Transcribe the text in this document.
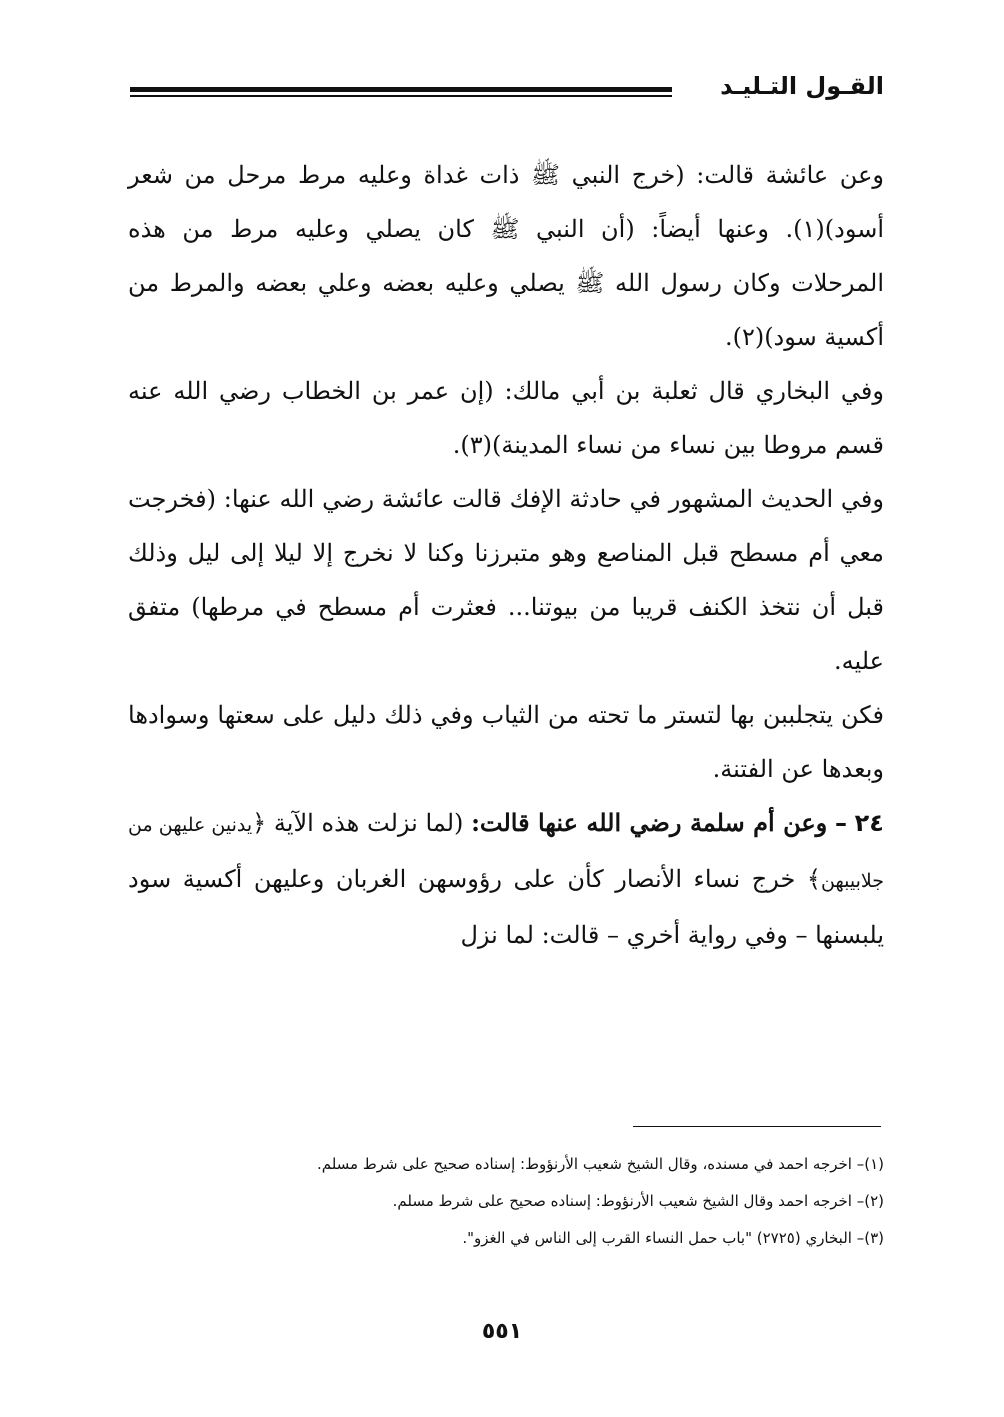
القـول التـليـد

وعن عائشة قالت: (خرج النبي ﷺ ذات غداة وعليه مرط مرحل من شعر أسود)(١). وعنها أيضاً: (أن النبي ﷺ كان يصلي وعليه مرط من هذه المرحلات وكان رسول الله ﷺ يصلي وعليه بعضه وعلي بعضه والمرط من أكسية سود)(٢).

وفي البخاري قال ثعلبة بن أبي مالك: (إن عمر بن الخطاب رضي الله عنه قسم مروطا بين نساء من نساء المدينة)(٣).

وفي الحديث المشهور في حادثة الإفك قالت عائشة رضي الله عنها: (فخرجت معي أم مسطح قبل المناصع وهو متبرزنا وكنا لا نخرج إلا ليلا إلى ليل وذلك قبل أن نتخذ الكنف قريبا من بيوتنا... فعثرت أم مسطح في مرطها) متفق عليه.

فكن يتجلببن بها لتستر ما تحته من الثياب وفي ذلك دليل على سعتها وسوادها وبعدها عن الفتنة.

٢٤ – وعن أم سلمة رضي الله عنها قالت: (لما نزلت هذه الآية ﴿يدنين عليهن من جلابيبهن﴾ خرج نساء الأنصار كأن على رؤوسهن الغربان وعليهن أكسية سود يلبسنها – وفي رواية أخري – قالت: لما نزل

(١)– اخرجه احمد في مسنده، وقال الشيخ شعيب الأرنؤوط: إسناده صحيح على شرط مسلم.
(٢)– اخرجه احمد وقال الشيخ شعيب الأرنؤوط: إسناده صحيح على شرط مسلم.
(٣)– البخاري (٢٧٢٥) "باب حمل النساء القرب إلى الناس في الغزو".
٥٥١
